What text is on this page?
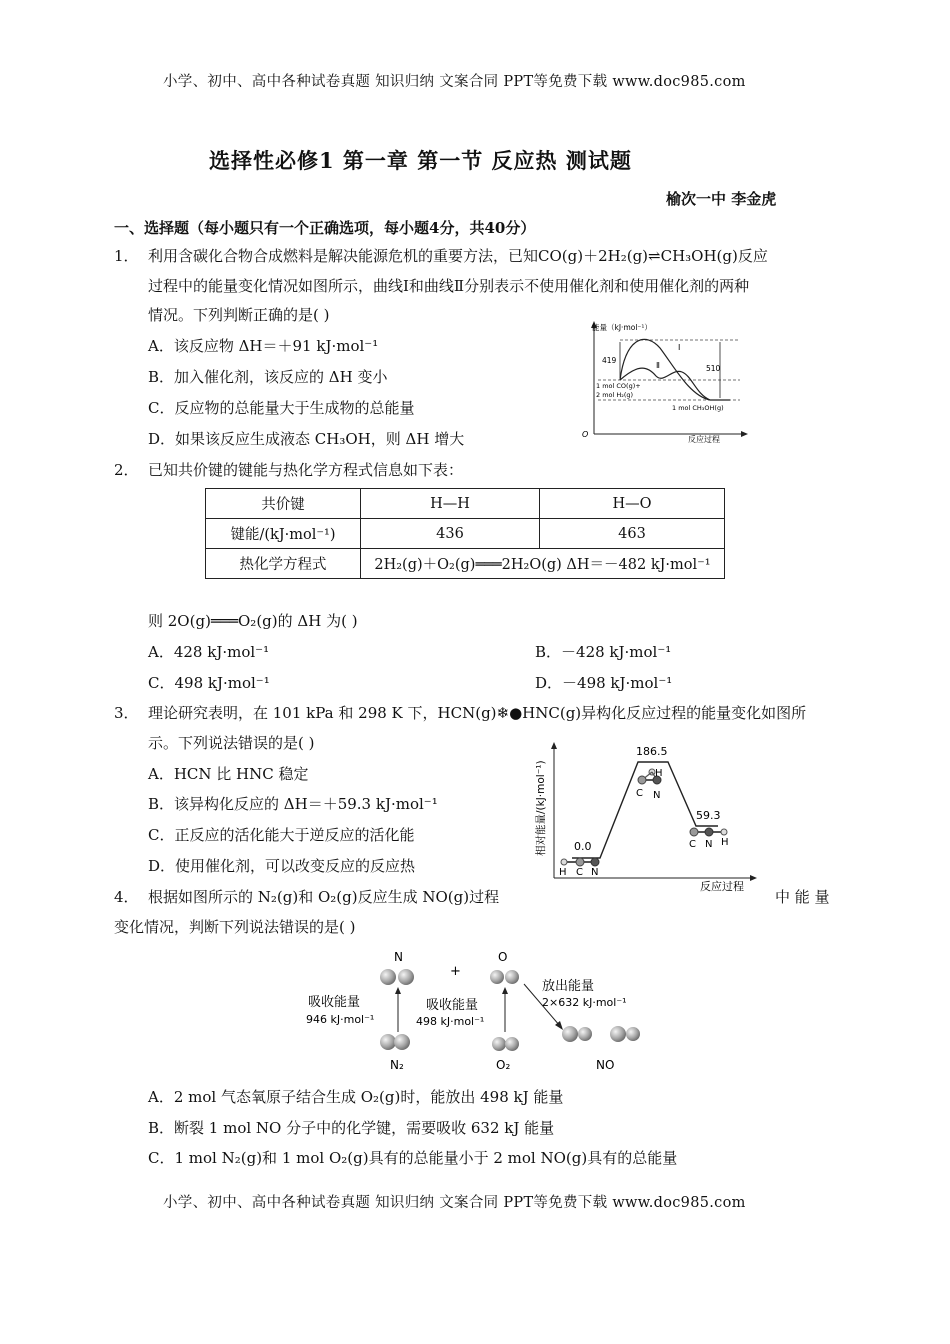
小学、初中、高中各种试卷真题 知识归纳 文案合同 PPT等免费下载 www.doc985.com
选择性必修1 第一章 第一节 反应热 测试题
榆次一中 李金虎
一、选择题（每小题只有一个正确选项，每小题4分，共40分）
1． 利用含碳化合物合成燃料是解决能源危机的重要方法，已知CO(g)＋2H₂(g)⇌CH₃OH(g)反应
过程中的能量变化情况如图所示，曲线Ⅰ和曲线Ⅱ分别表示不使用催化剂和使用催化剂的两种
情况。下列判断正确的是( )
A．该反应物 ΔH＝＋91 kJ·mol⁻¹
B．加入催化剂，该反应的 ΔH 变小
C．反应物的总能量大于生成物的总能量
D．如果该反应生成液态 CH₃OH，则 ΔH 增大
能量（kJ·mol⁻¹）
O
反应过程
419
510
Ⅰ
Ⅱ
1 mol CO(g)+
2 mol H₂(g)
1 mol CH₃OH(g)
2． 已知共价键的键能与热化学方程式信息如下表：
共价键	H—H	H—O
键能/(kJ·mol⁻¹)	436	463
热化学方程式	2H₂(g)＋O₂(g)═══2H₂O(g) ΔH＝－482 kJ·mol⁻¹	
则 2O(g)═══O₂(g)的 ΔH 为( )
A．428 kJ·mol⁻¹	B．－428 kJ·mol⁻¹
C．498 kJ·mol⁻¹	D．－498 kJ·mol⁻¹
3． 理论研究表明，在 101 kPa 和 298 K 下，HCN(g)❄●HNC(g)异构化反应过程的能量变化如图所
示。下列说法错误的是( )
A．HCN 比 HNC 稳定
B．该异构化反应的 ΔH＝＋59.3 kJ·mol⁻¹
C．正反应的活化能大于逆反应的活化能
D．使用催化剂，可以改变反应的反应热
相对能量/(kJ·mol⁻¹)
反应过程
0.0
186.5
59.3
H C N
H
C N
C N H
4． 根据如图所示的 N₂(g)和 O₂(g)反应生成 NO(g)过程	中 能 量
变化情况，判断下列说法错误的是( )
N
+
O
吸收能量
946 kJ·mol⁻¹
吸收能量
498 kJ·mol⁻¹
放出能量
2×632 kJ·mol⁻¹
N₂	O₂	NO
A．2 mol 气态氧原子结合生成 O₂(g)时，能放出 498 kJ 能量
B．断裂 1 mol NO 分子中的化学键，需要吸收 632 kJ 能量
C．1 mol N₂(g)和 1 mol O₂(g)具有的总能量小于 2 mol NO(g)具有的总能量
小学、初中、高中各种试卷真题 知识归纳 文案合同 PPT等免费下载 www.doc985.com
